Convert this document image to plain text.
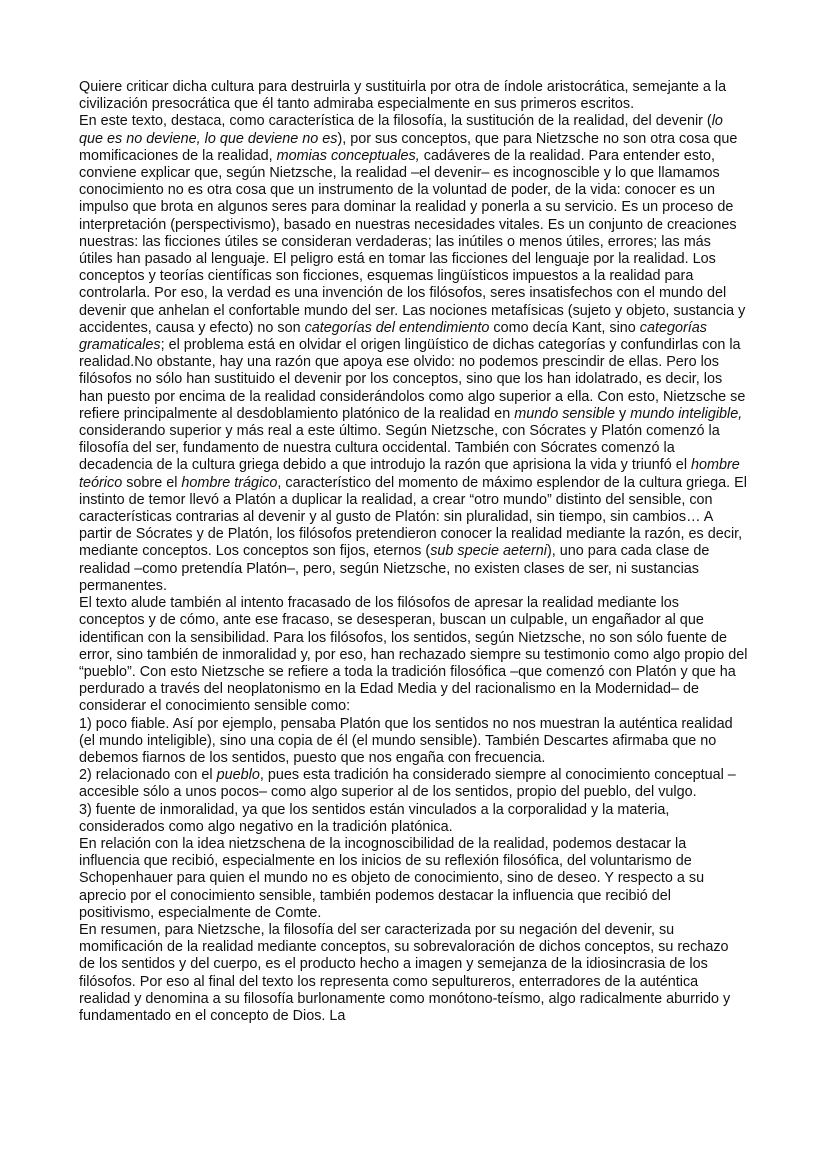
Quiere criticar dicha cultura para destruirla y sustituirla por otra de índole aristocrática, semejante a la civilización presocrática que él tanto admiraba especialmente en sus primeros escritos.

En este texto, destaca, como característica de la filosofía, la sustitución de la realidad, del devenir (lo que es no deviene, lo que deviene no es), por sus conceptos, que para Nietzsche no son otra cosa que momificaciones de la realidad, momias conceptuales, cadáveres de la realidad. Para entender esto, conviene explicar que, según Nietzsche, la realidad –el devenir– es incognoscible y lo que llamamos conocimiento no es otra cosa que un instrumento de la voluntad de poder, de la vida: conocer es un impulso que brota en algunos seres para dominar la realidad y ponerla a su servicio. Es un proceso de interpretación (perspectivismo), basado en nuestras necesidades vitales. Es un conjunto de creaciones nuestras: las ficciones útiles se consideran verdaderas; las inútiles o menos útiles, errores; las más útiles han pasado al lenguaje. El peligro está en tomar las ficciones del lenguaje por la realidad. Los conceptos y teorías científicas son ficciones, esquemas lingüísticos impuestos a la realidad para controlarla. Por eso, la verdad es una invención de los filósofos, seres insatisfechos con el mundo del devenir que anhelan el confortable mundo del ser. Las nociones metafísicas (sujeto y objeto, sustancia y accidentes, causa y efecto) no son categorías del entendimiento como decía Kant, sino categorías gramaticales; el problema está en olvidar el origen lingüístico de dichas categorías y confundirlas con la realidad.No obstante, hay una razón que apoya ese olvido: no podemos prescindir de ellas. Pero los filósofos no sólo han sustituido el devenir por los conceptos, sino que los han idolatrado, es decir, los han puesto por encima de la realidad considerándolos como algo superior a ella. Con esto, Nietzsche se refiere principalmente al desdoblamiento platónico de la realidad en mundo sensible y mundo inteligible, considerando superior y más real a este último. Según Nietzsche, con Sócrates y Platón comenzó la filosofía del ser, fundamento de nuestra cultura occidental. También con Sócrates comenzó la decadencia de la cultura griega debido a que introdujo la razón que aprisiona la vida y triunfó el hombre teórico sobre el hombre trágico, característico del momento de máximo esplendor de la cultura griega. El instinto de temor llevó a Platón a duplicar la realidad, a crear “otro mundo” distinto del sensible, con características contrarias al devenir y al gusto de Platón: sin pluralidad, sin tiempo, sin cambios… A partir de Sócrates y de Platón, los filósofos pretendieron conocer la realidad mediante la razón, es decir, mediante conceptos. Los conceptos son fijos, eternos (sub specie aeterni), uno para cada clase de realidad –como pretendía Platón–, pero, según Nietzsche, no existen clases de ser, ni sustancias permanentes.

El texto alude también al intento fracasado de los filósofos de apresar la realidad mediante los conceptos y de cómo, ante ese fracaso, se desesperan, buscan un culpable, un engañador al que identifican con la sensibilidad. Para los filósofos, los sentidos, según Nietzsche, no son sólo fuente de error, sino también de inmoralidad y, por eso, han rechazado siempre su testimonio como algo propio del “pueblo”. Con esto Nietzsche se refiere a toda la tradición filosófica –que comenzó con Platón y que ha perdurado a través del neoplatonismo en la Edad Media y del racionalismo en la Modernidad– de considerar el conocimiento sensible como:

1) poco fiable. Así por ejemplo, pensaba Platón que los sentidos no nos muestran la auténtica realidad (el mundo inteligible), sino una copia de él (el mundo sensible). También Descartes afirmaba que no debemos fiarnos de los sentidos, puesto que nos engaña con frecuencia.

2) relacionado con el pueblo, pues esta tradición ha considerado siempre al conocimiento conceptual –accesible sólo a unos pocos– como algo superior al de los sentidos, propio del pueblo, del vulgo.

3) fuente de inmoralidad, ya que los sentidos están vinculados a la corporalidad y la materia, considerados como algo negativo en la tradición platónica.

En relación con la idea nietzschena de la incognoscibilidad de la realidad, podemos destacar la influencia que recibió, especialmente en los inicios de su reflexión filosófica, del voluntarismo de Schopenhauer para quien el mundo no es objeto de conocimiento, sino de deseo. Y respecto a su aprecio por el conocimiento sensible, también podemos destacar la influencia que recibió del positivismo, especialmente de Comte.

En resumen, para Nietzsche, la filosofía del ser caracterizada por su negación del devenir, su momificación de la realidad mediante conceptos, su sobrevaloración de dichos conceptos, su rechazo de los sentidos y del cuerpo, es el producto hecho a imagen y semejanza de la idiosincrasia de los filósofos. Por eso al final del texto los representa como sepultureros, enterradores de la auténtica realidad y denomina a su filosofía burlonamente como monótono-teísmo, algo radicalmente aburrido y fundamentado en el concepto de Dios. La
